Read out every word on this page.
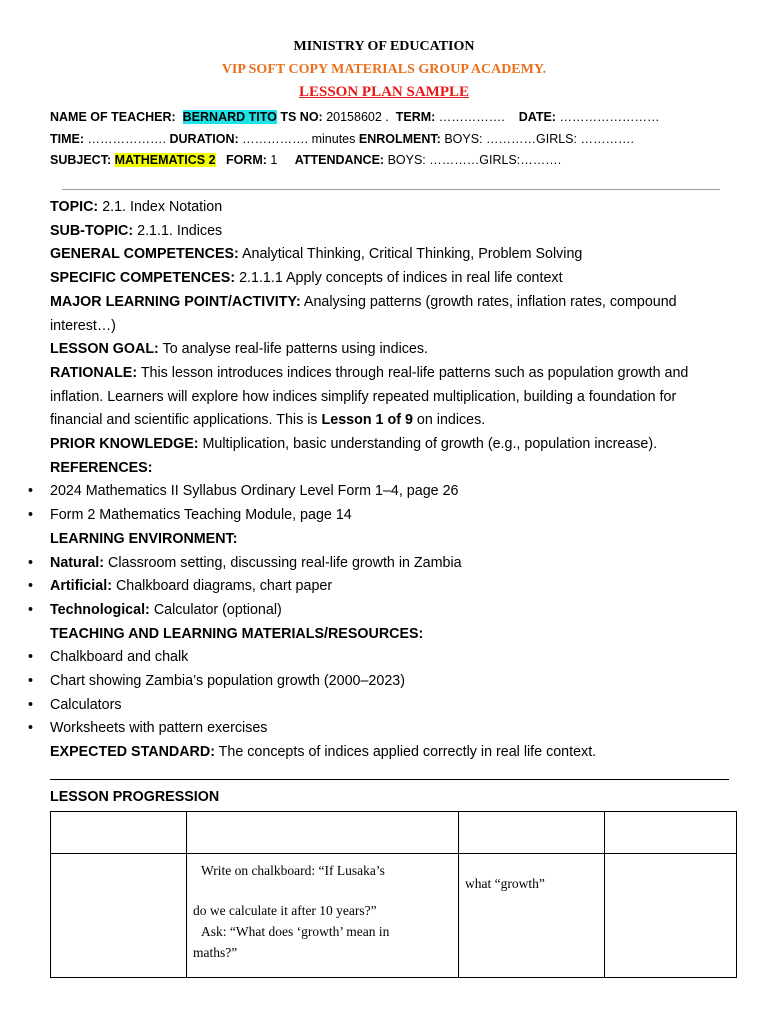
MINISTRY OF EDUCATION
VIP SOFT COPY MATERIALS GROUP ACADEMY.
LESSON PLAN SAMPLE
NAME OF TEACHER: BERNARD TITO TS NO: 20158602 .  TERM: ……………. DATE: ……………………
TIME: ………………. DURATION: ……………. minutes ENROLMENT: BOYS: …………GIRLS: ………….
SUBJECT: MATHEMATICS 2 FORM: 1 ATTENDANCE: BOYS: …………GIRLS:……….
TOPIC: 2.1. Index Notation
SUB-TOPIC: 2.1.1. Indices
GENERAL COMPETENCES: Analytical Thinking, Critical Thinking, Problem Solving
SPECIFIC COMPETENCES: 2.1.1.1 Apply concepts of indices in real life context
MAJOR LEARNING POINT/ACTIVITY: Analysing patterns (growth rates, inflation rates, compound
interest…)
LESSON GOAL: To analyse real-life patterns using indices.
RATIONALE: This lesson introduces indices through real-life patterns such as population growth and
inflation. Learners will explore how indices simplify repeated multiplication, building a foundation for
financial and scientific applications. This is Lesson 1 of 9 on indices.
PRIOR KNOWLEDGE: Multiplication, basic understanding of growth (e.g., population increase).
REFERENCES:
• 2024 Mathematics II Syllabus Ordinary Level Form 1–4, page 26
• Form 2 Mathematics Teaching Module, page 14
LEARNING ENVIRONMENT:
• Natural: Classroom setting, discussing real-life growth in Zambia
• Artificial: Chalkboard diagrams, chart paper
• Technological: Calculator (optional)
TEACHING AND LEARNING MATERIALS/RESOURCES:
• Chalkboard and chalk
• Chart showing Zambia’s population growth (2000–2023)
• Calculators
• Worksheets with pattern exercises
EXPECTED STANDARD: The concepts of indices applied correctly in real life context.
LESSON PROGRESSION

	Write on chalkboard: “If Lusaka’s
do we calculate it after 10 years?”
Ask: “What does ‘growth’ mean in
maths?”	what “growth”	
